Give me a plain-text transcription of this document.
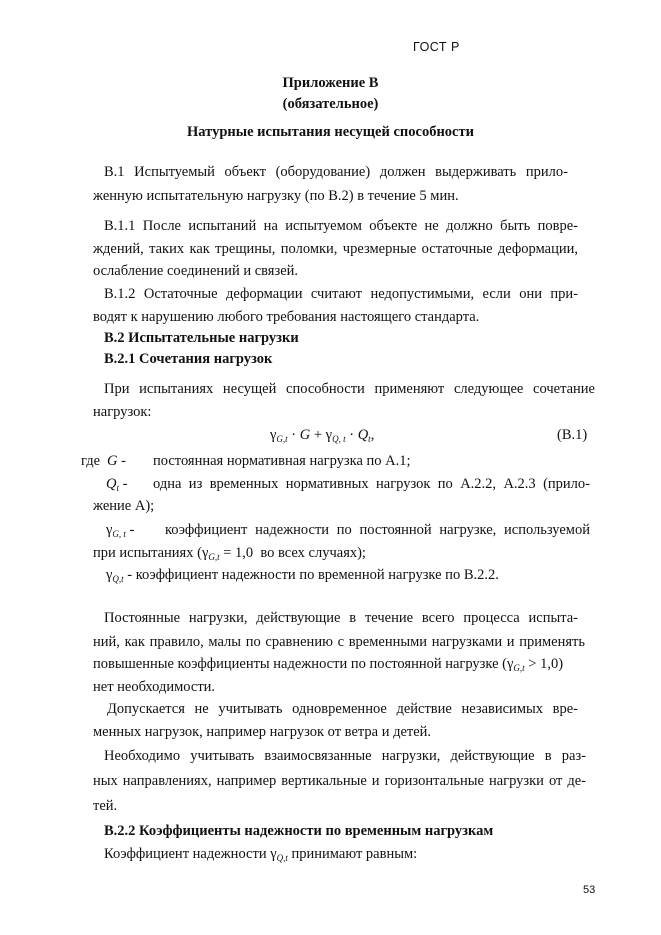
ГОСТ Р
Приложение В
(обязательное)
Натурные испытания несущей способности
В.1 Испытуемый объект (оборудование) должен выдерживать прило-
женную испытательную нагрузку (по В.2) в течение 5 мин.
В.1.1 После испытаний на испытуемом объекте не должно быть повре-
ждений, таких как трещины, поломки, чрезмерные остаточные деформации,
ослабление соединений и связей.
В.1.2 Остаточные деформации считают недопустимыми, если они при-
водят к нарушению любого требования настоящего стандарта.
В.2 Испытательные нагрузки
В.2.1 Сочетания нагрузок
При испытаниях несущей способности применяют следующее сочетание
нагрузок:
$\gamma_{G,t} \cdot G + \gamma_{Q, t} \cdot Q_t$,	(В.1)
где G - постоянная нормативная нагрузка по А.1;
$Q_t$ - одна из временных нормативных нагрузок по А.2.2, А.2.3 (прило-
жение А);
$\gamma_{G, t}$ - коэффициент надежности по постоянной нагрузке, используемой
при испытаниях ($\gamma_{G,t} = 1,0$  во всех случаях);
$\gamma_{Q,t}$ - коэффициент надежности по временной нагрузке по В.2.2.
Постоянные нагрузки, действующие в течение всего процесса испыта-
ний, как правило, малы по сравнению с временными нагрузками и применять
повышенные коэффициенты надежности по постоянной нагрузке $(\gamma_{G,t} > 1,0)$
нет необходимости.
Допускается не учитывать одновременное действие независимых вре-
менных нагрузок, например нагрузок от ветра и детей.
Необходимо учитывать взаимосвязанные нагрузки, действующие в раз-
ных направлениях, например вертикальные и горизонтальные нагрузки от де-
тей.
В.2.2 Коэффициенты надежности по временным нагрузкам
Коэффициент надежности $\gamma_{Q,t}$ принимают равным:
53
